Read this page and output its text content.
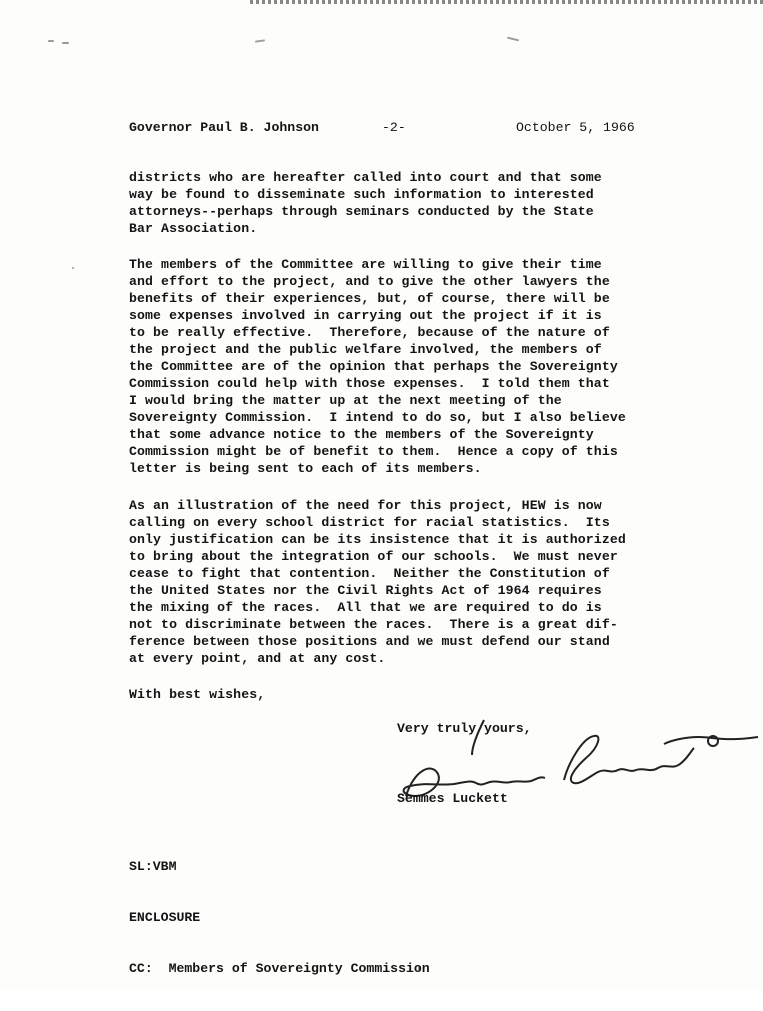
Governor Paul B. Johnson	-2-	October 5, 1966
districts who are hereafter called into court and that some
way be found to disseminate such information to interested
attorneys--perhaps through seminars conducted by the State
Bar Association.
The members of the Committee are willing to give their time
and effort to the project, and to give the other lawyers the
benefits of their experiences, but, of course, there will be
some expenses involved in carrying out the project if it is
to be really effective.  Therefore, because of the nature of
the project and the public welfare involved, the members of
the Committee are of the opinion that perhaps the Sovereignty
Commission could help with those expenses.  I told them that
I would bring the matter up at the next meeting of the
Sovereignty Commission.  I intend to do so, but I also believe
that some advance notice to the members of the Sovereignty
Commission might be of benefit to them.  Hence a copy of this
letter is being sent to each of its members.
As an illustration of the need for this project, HEW is now
calling on every school district for racial statistics.  Its
only justification can be its insistence that it is authorized
to bring about the integration of our schools.  We must never
cease to fight that contention.  Neither the Constitution of
the United States nor the Civil Rights Act of 1964 requires
the mixing of the races.  All that we are required to do is
not to discriminate between the races.  There is a great dif-
ference between those positions and we must defend our stand
at every point, and at any cost.
With best wishes,
Very truly yours,
Semmes Luckett

SL:VBM

ENCLOSURE

CC:  Members of Sovereignty Commission
